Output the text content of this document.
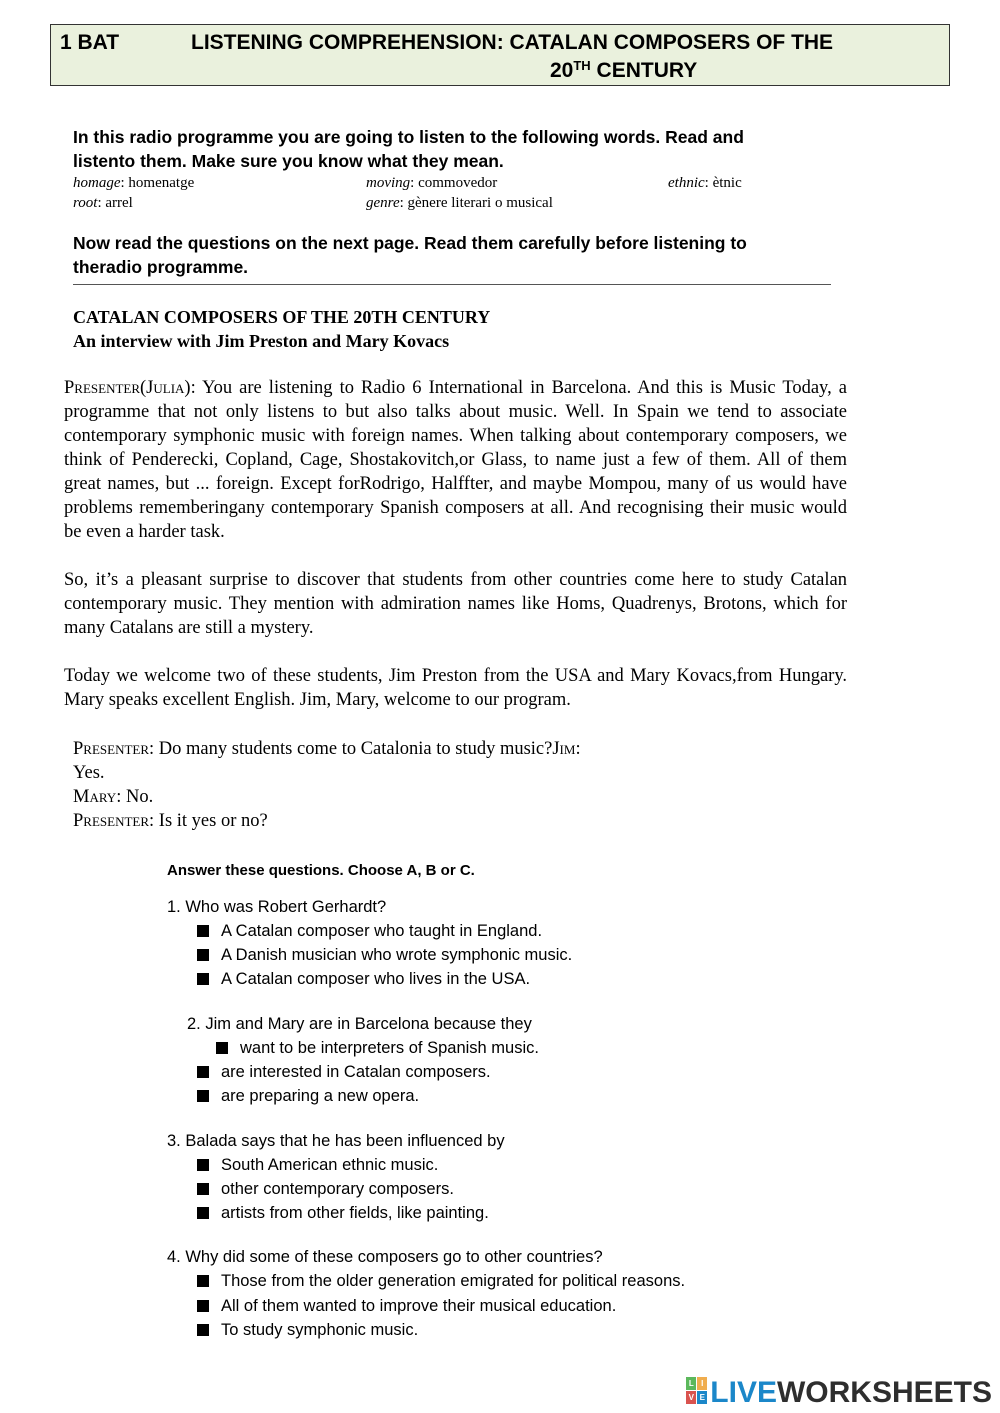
1 BAT	LISTENING COMPREHENSION: CATALAN COMPOSERS OF THE
20TH CENTURY
In this radio programme you are going to listen to the following words. Read and
listento them. Make sure you know what they mean.
homage: homenatge	moving: commovedor	ethnic: ètnic
root: arrel	genre: gènere literari o musical
Now read the questions on the next page. Read them carefully before listening to
theradio programme.
CATALAN COMPOSERS OF THE 20TH CENTURY
An interview with Jim Preston and Mary Kovacs
Presenter(Julia): You are listening to Radio 6 International in Barcelona. And this is Music Today, a programme that not only listens to but also talks about music. Well. In Spain we tend to associate contemporary symphonic music with foreign names. When talking about contemporary composers, we think of Penderecki, Copland, Cage, Shostakovitch,or Glass, to name just a few of them. All of them great names, but ... foreign. Except forRodrigo, Halffter, and maybe Mompou, many of us would have problems rememberingany contemporary Spanish composers at all. And recognising their music would be even a harder task.
So, it’s a pleasant surprise to discover that students from other countries come here to study Catalan contemporary music. They mention with admiration names like Homs, Quadrenys, Brotons, which for many Catalans are still a mystery.
Today we welcome two of these students, Jim Preston from the USA and Mary Kovacs,from Hungary. Mary speaks excellent English. Jim, Mary, welcome to our program.
Presenter: Do many students come to Catalonia to study music?Jim:
Yes.
Mary: No.
Presenter: Is it yes or no?
Answer these questions. Choose A, B or C.
1. Who was Robert Gerhardt?
A Catalan composer who taught in England.
A Danish musician who wrote symphonic music.
A Catalan composer who lives in the USA.
2. Jim and Mary are in Barcelona because they
want to be interpreters of Spanish music.
are interested in Catalan composers.
are preparing a new opera.
3. Balada says that he has been influenced by
South American ethnic music.
other contemporary composers.
artists from other fields, like painting.
4. Why did some of these composers go to other countries?
Those from the older generation emigrated for political reasons.
All of them wanted to improve their musical education.
To study symphonic music.
L I
V E LIVEWORKSHEETS
